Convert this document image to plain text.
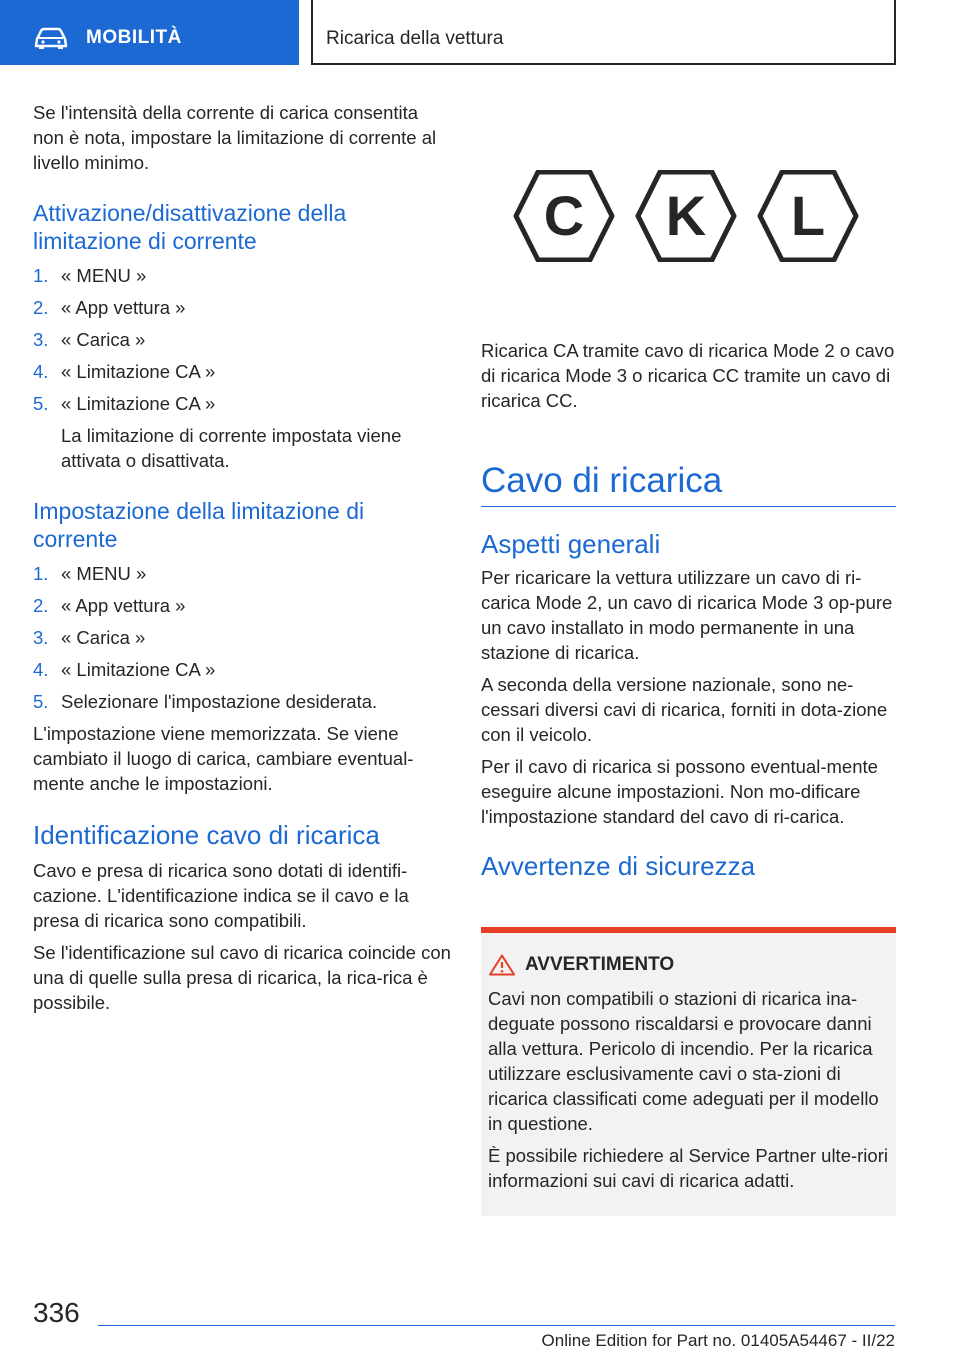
MOBILITÀ	Ricarica della vettura

Se l'intensità della corrente di carica consentita non è nota, impostare la limitazione di corrente al livello minimo.

Attivazione/disattivazione della limitazione di corrente
1. « MENU »
2. « App vettura »
3. « Carica »
4. « Limitazione CA »
5. « Limitazione CA »
La limitazione di corrente impostata viene attivata o disattivata.
Impostazione della limitazione di corrente
1. « MENU »
2. « App vettura »
3. « Carica »
4. « Limitazione CA »
5. Selezionare l'impostazione desiderata.

L'impostazione viene memorizzata. Se viene cambiato il luogo di carica, cambiare eventual‐mente anche le impostazioni.

Identificazione cavo di ricarica

Cavo e presa di ricarica sono dotati di identifi‐cazione. L'identificazione indica se il cavo e la presa di ricarica sono compatibili.

Se l'identificazione sul cavo di ricarica coincide con una di quelle sulla presa di ricarica, la rica‐rica è possibile.

C K L

Ricarica CA tramite cavo di ricarica Mode 2 o cavo di ricarica Mode 3 o ricarica CC tramite un cavo di ricarica CC.

Cavo di ricarica
Aspetti generali

Per ricaricare la vettura utilizzare un cavo di ri‐carica Mode 2, un cavo di ricarica Mode 3 op‐pure un cavo installato in modo permanente in una stazione di ricarica.

A seconda della versione nazionale, sono ne‐cessari diversi cavi di ricarica, forniti in dota‐zione con il veicolo.

Per il cavo di ricarica si possono eventual‐mente eseguire alcune impostazioni. Non mo‐dificare l'impostazione standard del cavo di ri‐carica.

Avvertenze di sicurezza
AVVERTIMENTO

Cavi non compatibili o stazioni di ricarica ina‐deguate possono riscaldarsi e provocare danni alla vettura. Pericolo di incendio. Per la ricarica utilizzare esclusivamente cavi o sta‐zioni di ricarica classificati come adeguati per il modello in questione.

È possibile richiedere al Service Partner ulte‐riori informazioni sui cavi di ricarica adatti.

336
Online Edition for Part no. 01405A54467 - II/22
